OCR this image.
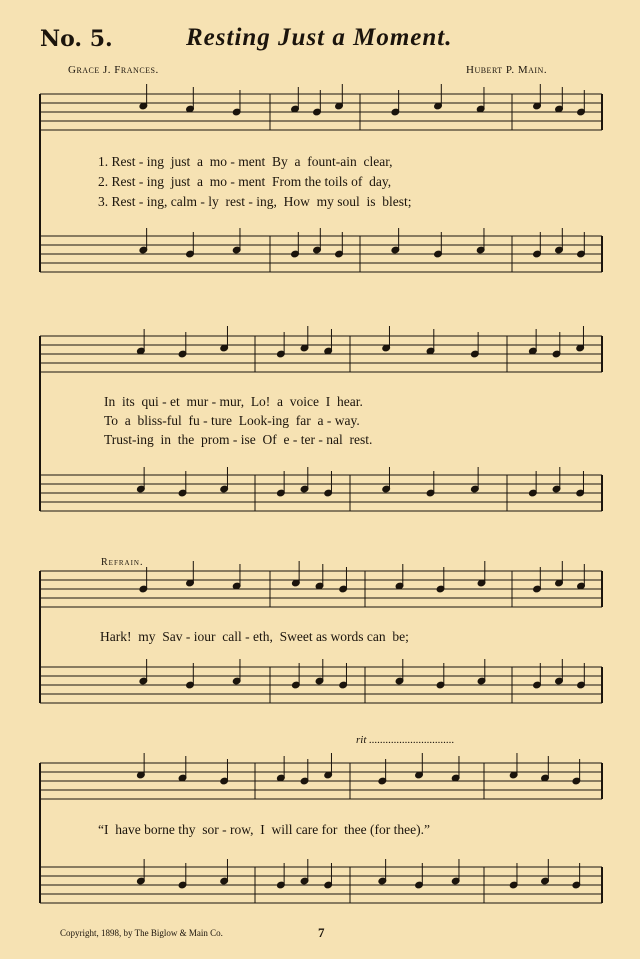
No. 5.	Resting Just a Moment.
Grace J. Frances.	Hubert P. Main.
1. Rest - ing  just  a  mo - ment  By  a  fount-ain  clear,
2. Rest - ing  just  a  mo - ment  From the toils of  day,
3. Rest - ing, calm - ly  rest - ing,  How  my soul  is  blest;
In  its  qui - et  mur - mur,  Lo!  a  voice  I  hear.
To  a  bliss-ful  fu - ture  Look-ing  far  a - way.
Trust-ing  in  the  prom - ise  Of  e - ter - nal  rest.
Refrain.
Hark!  my  Sav - iour  call - eth,  Sweet as words can  be;
rit ...............................
“I  have borne thy  sor - row,  I  will care for  thee (for thee).”
Copyright, 1898, by The Biglow & Main Co.	7
